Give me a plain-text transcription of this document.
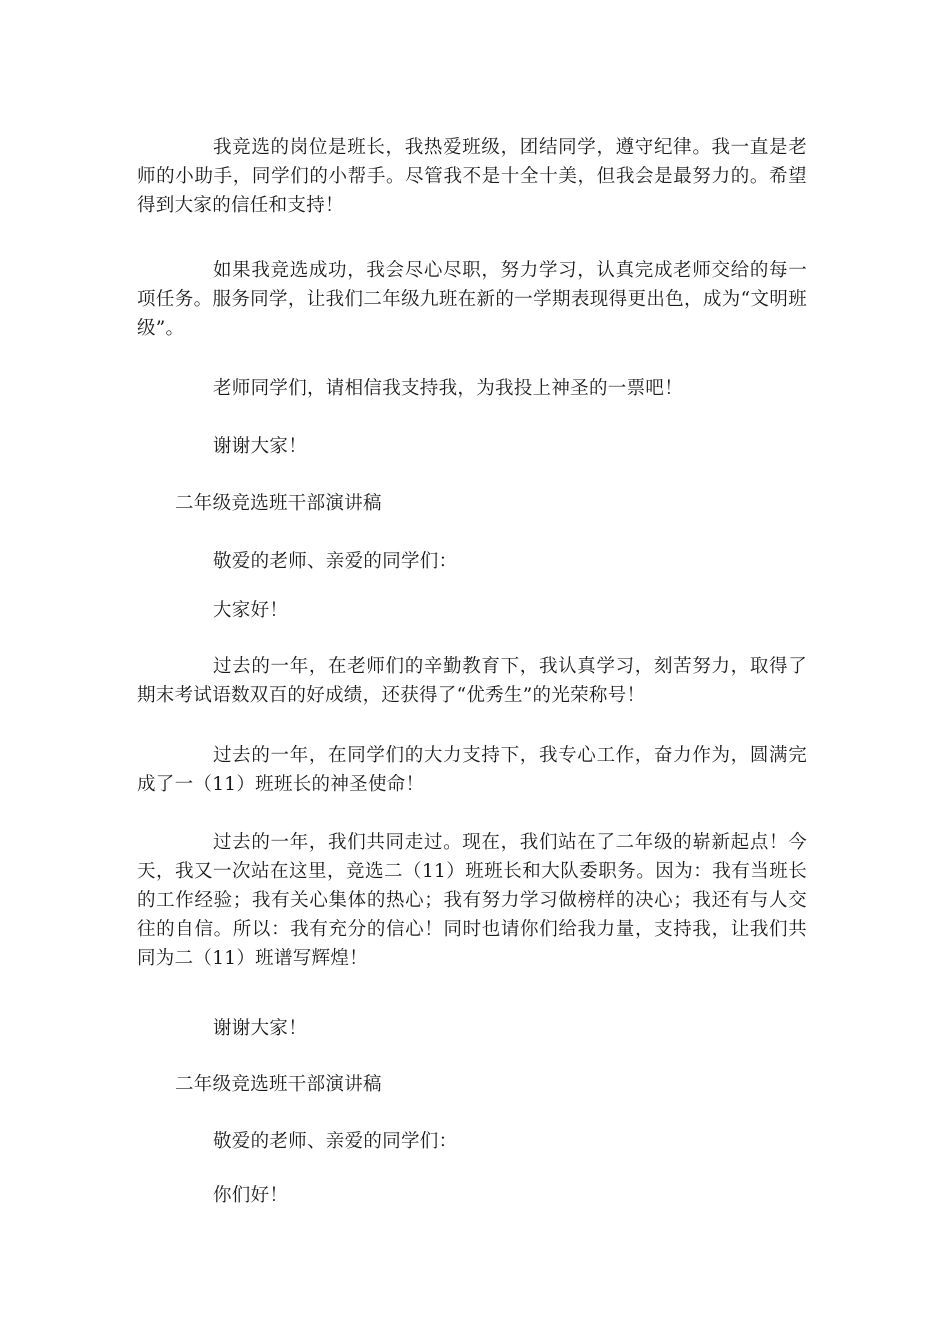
我竞选的岗位是班长，我热爱班级，团结同学，遵守纪律。我一直是老师的小助手，同学们的小帮手。尽管我不是十全十美，但我会是最努力的。希望得到大家的信任和支持！

如果我竞选成功，我会尽心尽职，努力学习，认真完成老师交给的每一项任务。服务同学，让我们二年级九班在新的一学期表现得更出色，成为“文明班级”。

老师同学们，请相信我支持我，为我投上神圣的一票吧！

谢谢大家！

二年级竞选班干部演讲稿

敬爱的老师、亲爱的同学们：

大家好！

过去的一年，在老师们的辛勤教育下，我认真学习，刻苦努力，取得了期末考试语数双百的好成绩，还获得了“优秀生”的光荣称号！

过去的一年，在同学们的大力支持下，我专心工作，奋力作为，圆满完成了一（11）班班长的神圣使命！

过去的一年，我们共同走过。现在，我们站在了二年级的崭新起点！今天，我又一次站在这里，竞选二（11）班班长和大队委职务。因为：我有当班长的工作经验；我有关心集体的热心；我有努力学习做榜样的决心；我还有与人交往的自信。所以：我有充分的信心！同时也请你们给我力量，支持我，让我们共同为二（11）班谱写辉煌！

谢谢大家！

二年级竞选班干部演讲稿

敬爱的老师、亲爱的同学们：

你们好！
